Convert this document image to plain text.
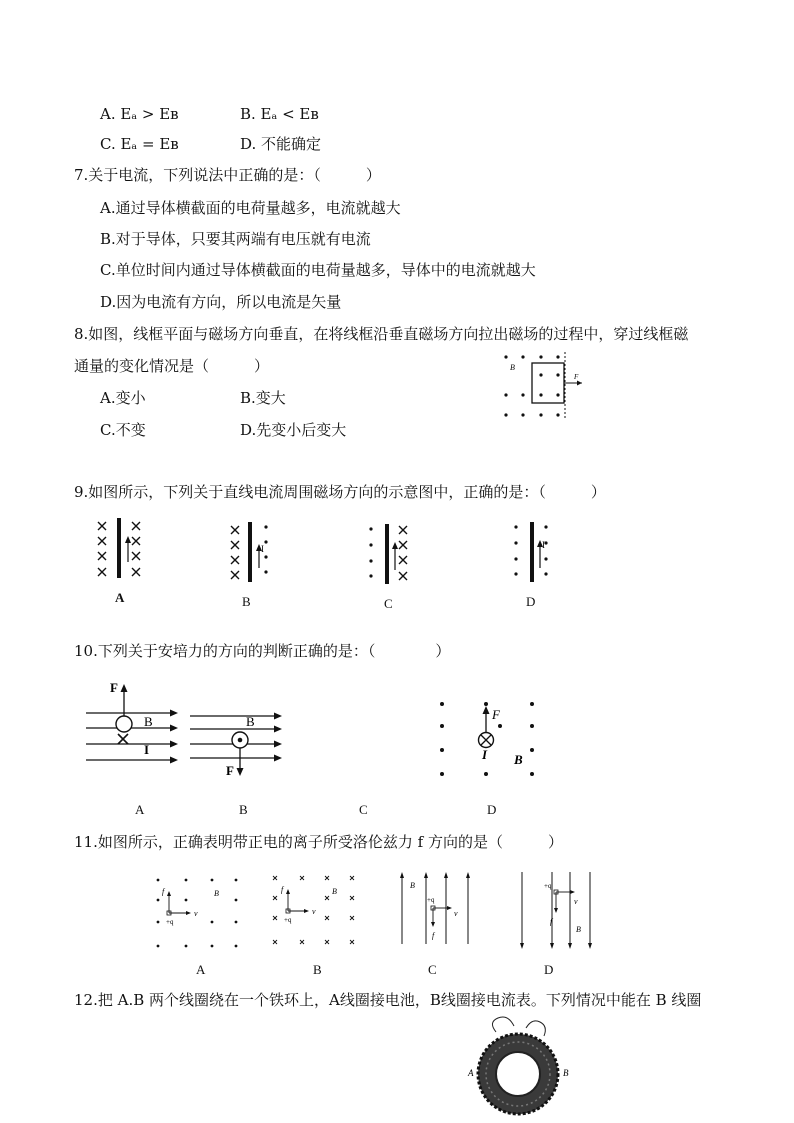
A. Eₐ > Eʙ	B. Eₐ < Eʙ
C. Eₐ = Eʙ	D. 不能确定
7.关于电流，下列说法中正确的是：（　　　）
A.通过导体横截面的电荷量越多，电流就越大
B.对于导体，只要其两端有电压就有电流
C.单位时间内通过导体横截面的电荷量越多，导体中的电流就越大
D.因为电流有方向，所以电流是矢量
8.如图，线框平面与磁场方向垂直，在将线框沿垂直磁场方向拉出磁场的过程中，穿过线框磁
通量的变化情况是（　　　）
A.变小	B.变大
C.不变	D.先变小后变大
B
F
9.如图所示，下列关于直线电流周围磁场方向的示意图中，正确的是：（　　　）
A
I
B	C
I
D
10.下列关于安培力的方向的判断正确的是：（　　　　）
F
B
I
A
B
F
B	C
F
I B
D
11.如图所示，正确表明带正电的离子所受洛伦兹力 f 方向的是（　　　）
f
v
+q
B
A
f
v
+q
B
B
B
+q
v
f
C
+q
v
f
B
D
12.把 A.B 两个线圈绕在一个铁环上，A线圈接电池，B线圈接电流表。下列情况中能在 B 线圈
A	B
